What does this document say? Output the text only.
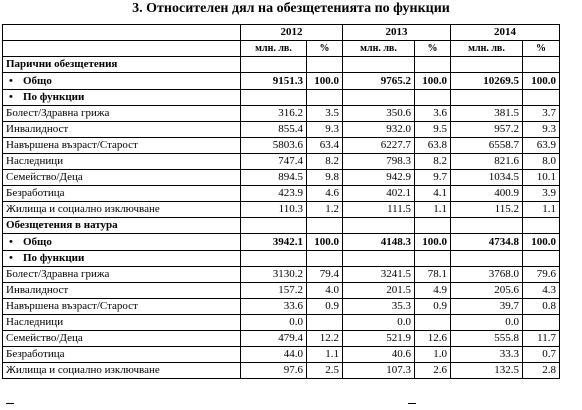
3. Относителен дял на обезщетенията по функции
	2012		2013		2014	
	млн. лв.	%	млн. лв.	%	млн. лв.	%
Парични обезщетения						
• Общо	9151.3	100.0	9765.2	100.0	10269.5	100.0
• По функции						
Болест/Здравна грижа	316.2	3.5	350.6	3.6	381.5	3.7
Инвалидност	855.4	9.3	932.0	9.5	957.2	9.3
Навършена възраст/Старост	5803.6	63.4	6227.7	63.8	6558.7	63.9
Наследници	747.4	8.2	798.3	8.2	821.6	8.0
Семейство/Деца	894.5	9.8	942.9	9.7	1034.5	10.1
Безработица	423.9	4.6	402.1	4.1	400.9	3.9
Жилища и социално изключване	110.3	1.2	111.5	1.1	115.2	1.1
Обезщетения в натура						
• Общо	3942.1	100.0	4148.3	100.0	4734.8	100.0
• По функции						
Болест/Здравна грижа	3130.2	79.4	3241.5	78.1	3768.0	79.6
Инвалидност	157.2	4.0	201.5	4.9	205.6	4.3
Навършена възраст/Старост	33.6	0.9	35.3	0.9	39.7	0.8
Наследници	0.0		0.0		0.0	
Семейство/Деца	479.4	12.2	521.9	12.6	555.8	11.7
Безработица	44.0	1.1	40.6	1.0	33.3	0.7
Жилища и социално изключване	97.6	2.5	107.3	2.6	132.5	2.8
